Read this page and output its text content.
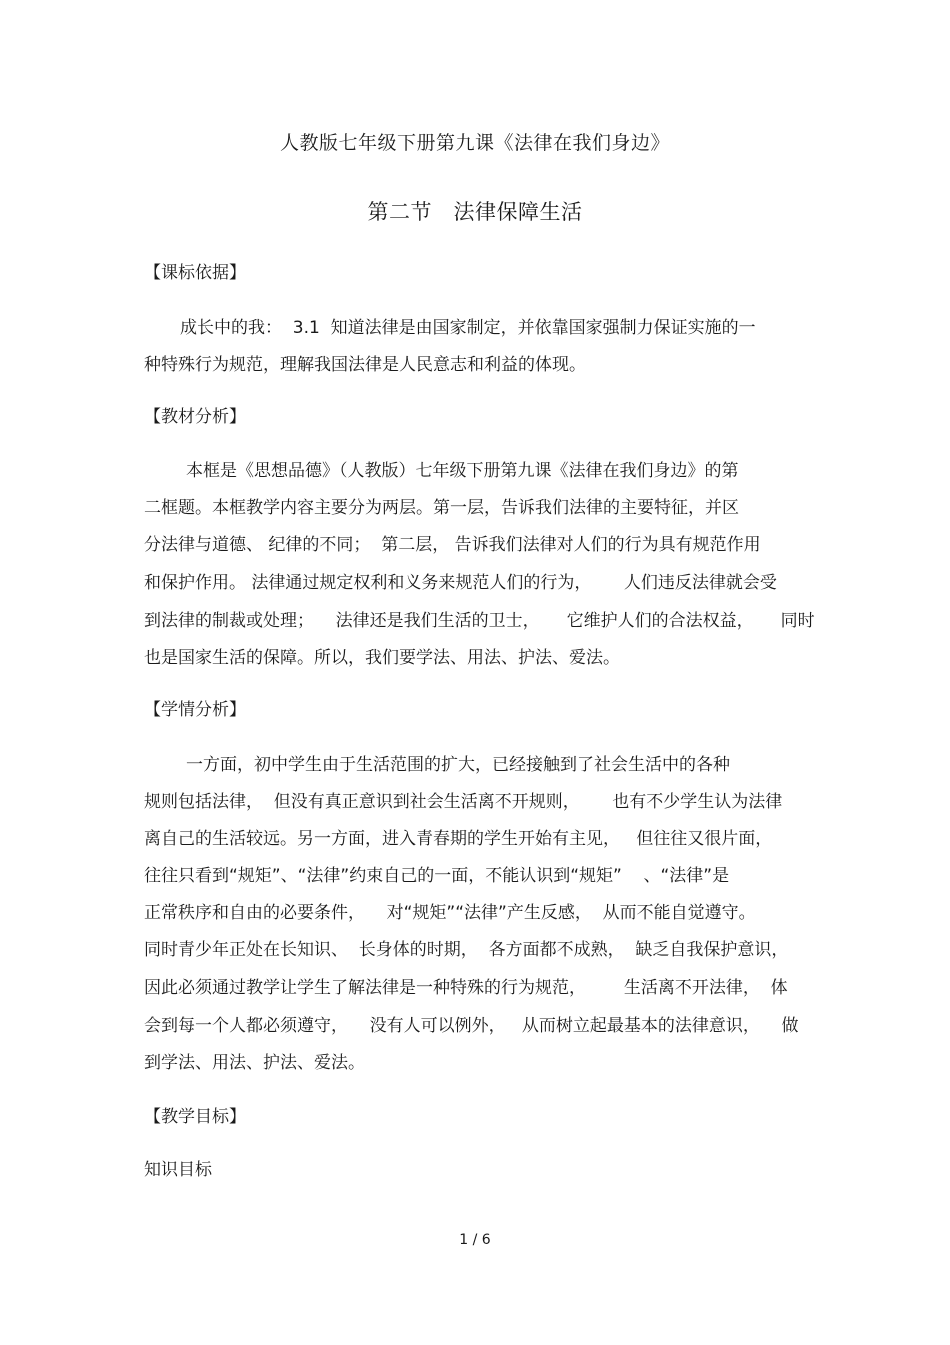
人教版七年级下册第九课《法律在我们身边》
第二节　法律保障生活
【课标依据】
成长中的我：  3.1  知道法律是由国家制定，并依靠国家强制力保证实施的一
种特殊行为规范，理解我国法律是人民意志和利益的体现。
【教材分析】
本框是《思想品德》（人教版）七年级下册第九课《法律在我们身边》的第
二框题。本框教学内容主要分为两层。第一层，告诉我们法律的主要特征，并区
分法律与道德、 纪律的不同；  第二层， 告诉我们法律对人们的行为具有规范作用
和保护作用。 法律通过规定权利和义务来规范人们的行为，      人们违反法律就会受
到法律的制裁或处理；    法律还是我们生活的卫士，     它维护人们的合法权益，     同时
也是国家生活的保障。所以，我们要学法、用法、护法、爱法。
【学情分析】
一方面，初中学生由于生活范围的扩大，已经接触到了社会生活中的各种
规则包括法律，  但没有真正意识到社会生活离不开规则，      也有不少学生认为法律
离自己的生活较远。另一方面，进入青春期的学生开始有主见，   但往往又很片面，
往往只看到“规矩”、“法律”约束自己的一面，不能认识到“规矩”    、“法律”是
正常秩序和自由的必要条件，    对“规矩”“法律”产生反感，  从而不能自觉遵守。
同时青少年正处在长知识、  长身体的时期，  各方面都不成熟，  缺乏自我保护意识，
因此必须通过教学让学生了解法律是一种特殊的行为规范，       生活离不开法律，  体
会到每一个人都必须遵守，    没有人可以例外，   从而树立起最基本的法律意识，    做
到学法、用法、护法、爱法。
【教学目标】
知识目标
1 / 6
